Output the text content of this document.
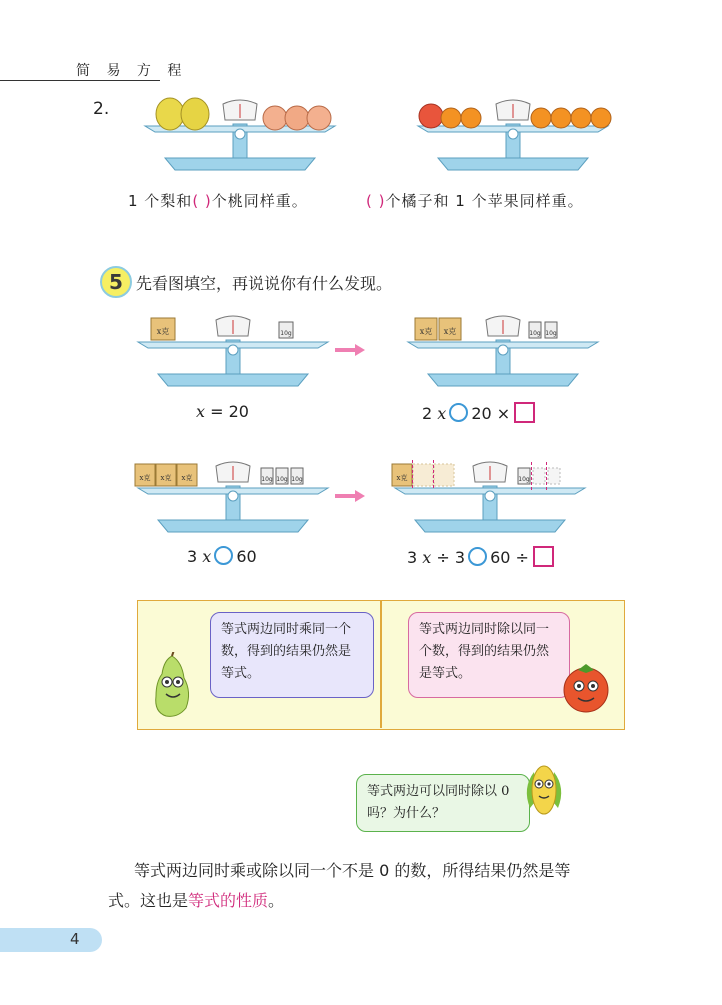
简 易 方 程
2.
1 个梨和( )个桃同样重。	( )个橘子和 1 个苹果同样重。
5 先看图填空，再说说你有什么发现。
x克	10g	x克 x克	10g 10g
x = 20	2 x 20 ×
x克 x克 x克	10g 10g 10g	x克	10g
3 x 60	3 x ÷ 3 60 ÷
等式两边同时乘同一个数，得到的结果仍然是等式。
等式两边同时除以同一个数，得到的结果仍然是等式。
等式两边可以同时除以 0 吗？为什么？
等式两边同时乘或除以同一个不是 0 的数，所得结果仍然是等
式。这也是等式的性质。
4
